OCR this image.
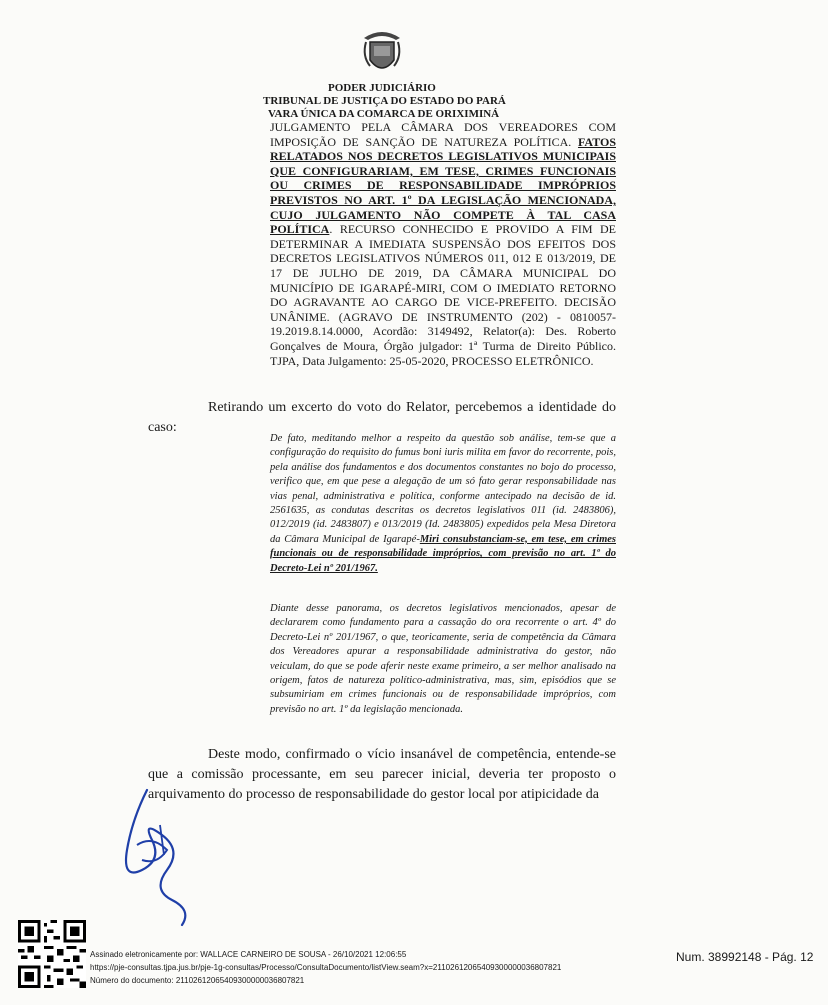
PODER JUDICIÁRIO
TRIBUNAL DE JUSTIÇA DO ESTADO DO PARÁ
VARA ÚNICA DA COMARCA DE ORIXIMINÁ
JULGAMENTO PELA CÂMARA DOS VEREADORES COM IMPOSIÇÃO DE SANÇÃO DE NATUREZA POLÍTICA. FATOS RELATADOS NOS DECRETOS LEGISLATIVOS MUNICIPAIS QUE CONFIGURARIAM, EM TESE, CRIMES FUNCIONAIS OU CRIMES DE RESPONSABILIDADE IMPRÓPRIOS PREVISTOS NO ART. 1º DA LEGISLAÇÃO MENCIONADA, CUJO JULGAMENTO NÃO COMPETE À TAL CASA POLÍTICA. RECURSO CONHECIDO E PROVIDO A FIM DE DETERMINAR A IMEDIATA SUSPENSÃO DOS EFEITOS DOS DECRETOS LEGISLATIVOS NÚMEROS 011, 012 E 013/2019, DE 17 DE JULHO DE 2019, DA CÂMARA MUNICIPAL DO MUNICÍPIO DE IGARAPÉ-MIRI, COM O IMEDIATO RETORNO DO AGRAVANTE AO CARGO DE VICE-PREFEITO. DECISÃO UNÂNIME. (AGRAVO DE INSTRUMENTO (202) - 0810057-19.2019.8.14.0000, Acordão: 3149492, Relator(a): Des. Roberto Gonçalves de Moura, Órgão julgador: 1ª Turma de Direito Público. TJPA, Data Julgamento: 25-05-2020, PROCESSO ELETRÔNICO.
Retirando um excerto do voto do Relator, percebemos a identidade do caso:
De fato, meditando melhor a respeito da questão sob análise, tem-se que a configuração do requisito do fumus boni iuris milita em favor do recorrente, pois, pela análise dos fundamentos e dos documentos constantes no bojo do processo, verifico que, em que pese a alegação de um só fato gerar responsabilidade nas vias penal, administrativa e política, conforme antecipado na decisão de id. 2561635, as condutas descritas os decretos legislativos 011 (id. 2483806), 012/2019 (id. 2483807) e 013/2019 (Id. 2483805) expedidos pela Mesa Diretora da Câmara Municipal de Igarapé-Miri consubstanciam-se, em tese, em crimes funcionais ou de responsabilidade impróprios, com previsão no art. 1º do Decreto-Lei nº 201/1967.
Diante desse panorama, os decretos legislativos mencionados, apesar de declararem como fundamento para a cassação do ora recorrente o art. 4º do Decreto-Lei nº 201/1967, o que, teoricamente, seria de competência da Câmara dos Vereadores apurar a responsabilidade administrativa do gestor, não veiculam, do que se pode aferir neste exame primeiro, a ser melhor analisado na origem, fatos de natureza político-administrativa, mas, sim, episódios que se subsumiriam em crimes funcionais ou de responsabilidade impróprios, com previsão no art. 1º da legislação mencionada.
Deste modo, confirmado o vício insanável de competência, entende-se que a comissão processante, em seu parecer inicial, deveria ter proposto o arquivamento do processo de responsabilidade do gestor local por atipicidade da
Assinado eletronicamente por: WALLACE CARNEIRO DE SOUSA - 26/10/2021 12:06:55
https://pje-consultas.tjpa.jus.br/pje-1g-consultas/Processo/ConsultaDocumento/listView.seam?x=21102612065409300000036807821
Número do documento: 21102612065409300000036807821
Num. 38992148 - Pág. 12
